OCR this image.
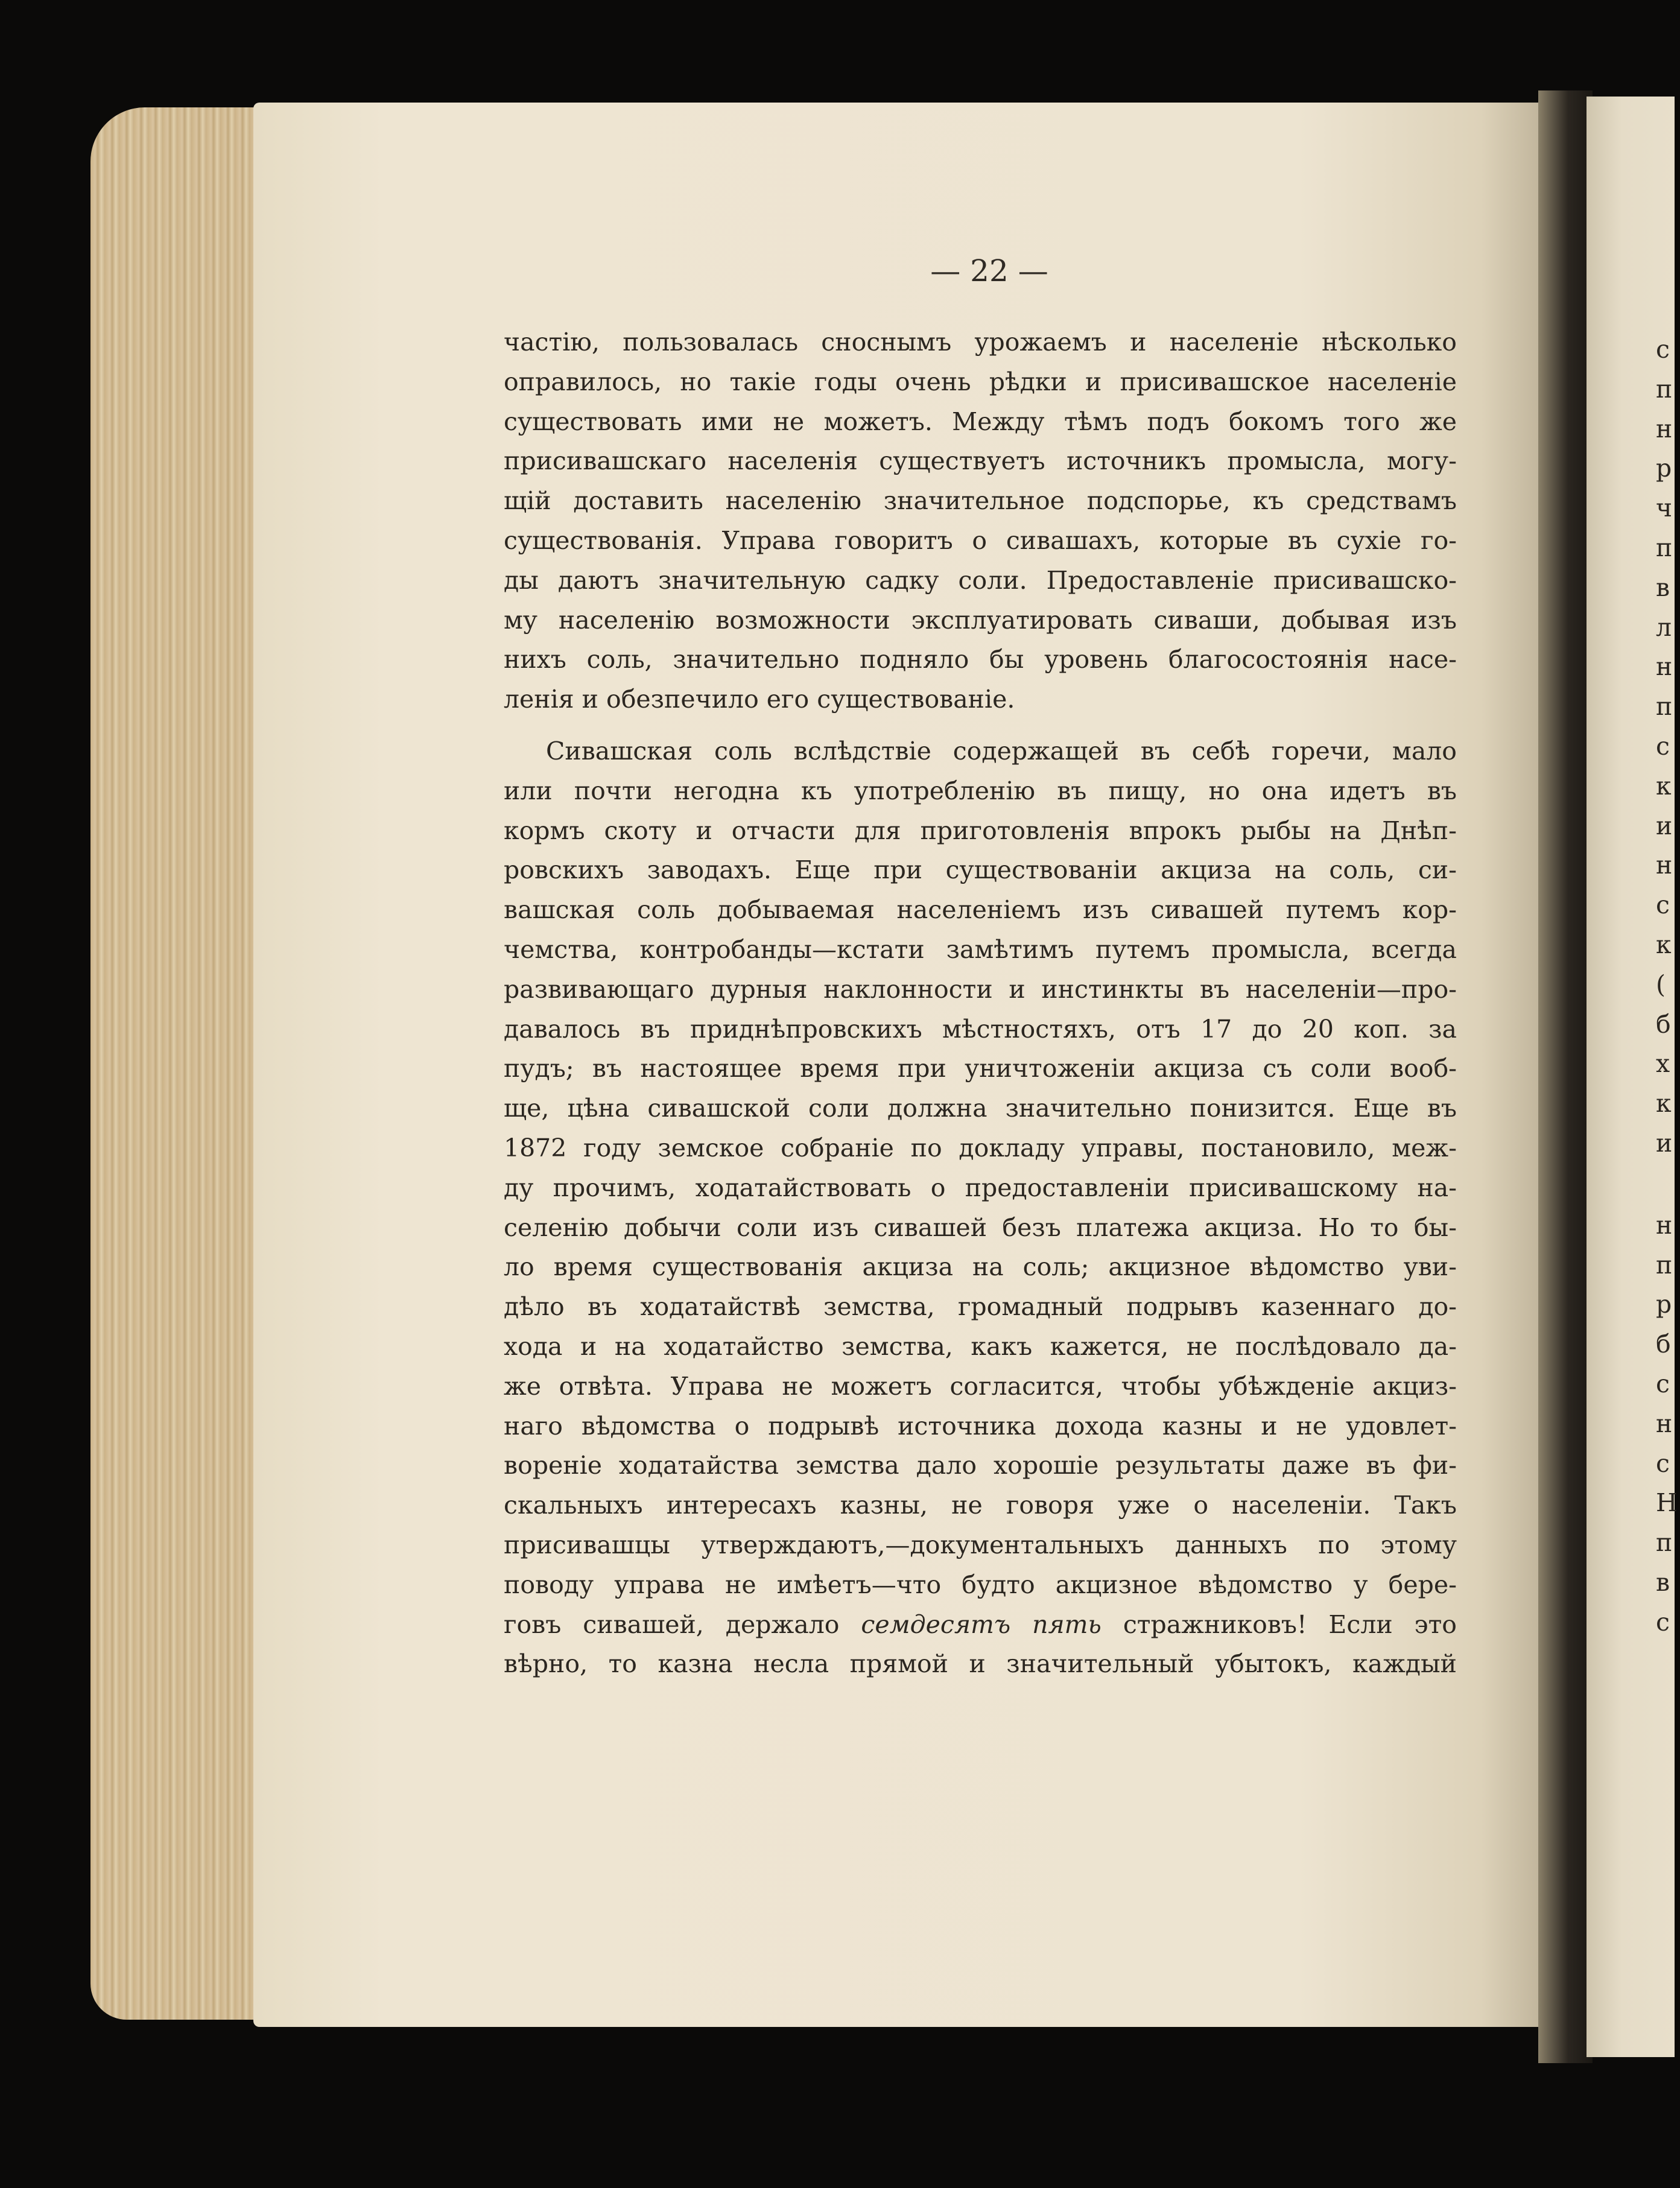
— 22 —

частію, пользовалась сноснымъ урожаемъ и населеніе нѣсколько

оправилось, но такіе годы очень рѣдки и присивашское населеніе

существовать ими не можетъ. Между тѣмъ подъ бокомъ того же

присивашскаго населенія существуетъ источникъ промысла, могу-

щій доставить населенію значительное подспорье, къ средствамъ

существованія. Управа говоритъ о сивашахъ, которые въ сухіе го-

ды даютъ значительную садку соли. Предоставленіе присивашско-

му населенію возможности эксплуатировать сиваши, добывая изъ

нихъ соль, значительно подняло бы уровень благосостоянія насе-

ленія и обезпечило его существованіе.

Сивашская соль вслѣдствіе содержащей въ себѣ горечи, мало

или почти негодна къ употребленію въ пищу, но она идетъ въ

кормъ скоту и отчасти для приготовленія впрокъ рыбы на Днѣп-

ровскихъ заводахъ. Еще при существованіи акциза на соль, си-

вашская соль добываемая населеніемъ изъ сивашей путемъ кор-

чемства, контробанды—кстати замѣтимъ путемъ промысла, всегда

развивающаго дурныя наклонности и инстинкты въ населеніи—про-

давалось въ приднѣпровскихъ мѣстностяхъ, отъ 17 до 20 коп. за

пудъ; въ настоящее время при уничтоженіи акциза съ соли вооб-

ще, цѣна сивашской соли должна значительно понизится. Еще въ

1872 году земское собраніе по докладу управы, постановило, меж-

ду прочимъ, ходатайствовать о предоставленіи присивашскому на-

селенію добычи соли изъ сивашей безъ платежа акциза. Но то бы-

ло время существованія акциза на соль; акцизное вѣдомство уви-

дѣло въ ходатайствѣ земства, громадный подрывъ казеннаго до-

хода и на ходатайство земства, какъ кажется, не послѣдовало да-

же отвѣта. Управа не можетъ согласится, чтобы убѣжденіе акциз-

наго вѣдомства о подрывѣ источника дохода казны и не удовлет-

вореніе ходатайства земства дало хорошіе результаты даже въ фи-

скальныхъ интересахъ казны, не говоря уже о населеніи. Такъ

присивашцы утверждаютъ,—документальныхъ данныхъ по этому

поводу управа не имѣетъ—что будто акцизное вѣдомство у бере-

говъ сивашей, держало семдесятъ пять стражниковъ! Если это

вѣрно, то казна несла прямой и значительный убытокъ, каждый

с
п
н
р
ч
п
в
л
н
п
с
к
и
н
с
к
(
б
х
к
и
н
п
р
б
с
н
с
Н
п
в
с
